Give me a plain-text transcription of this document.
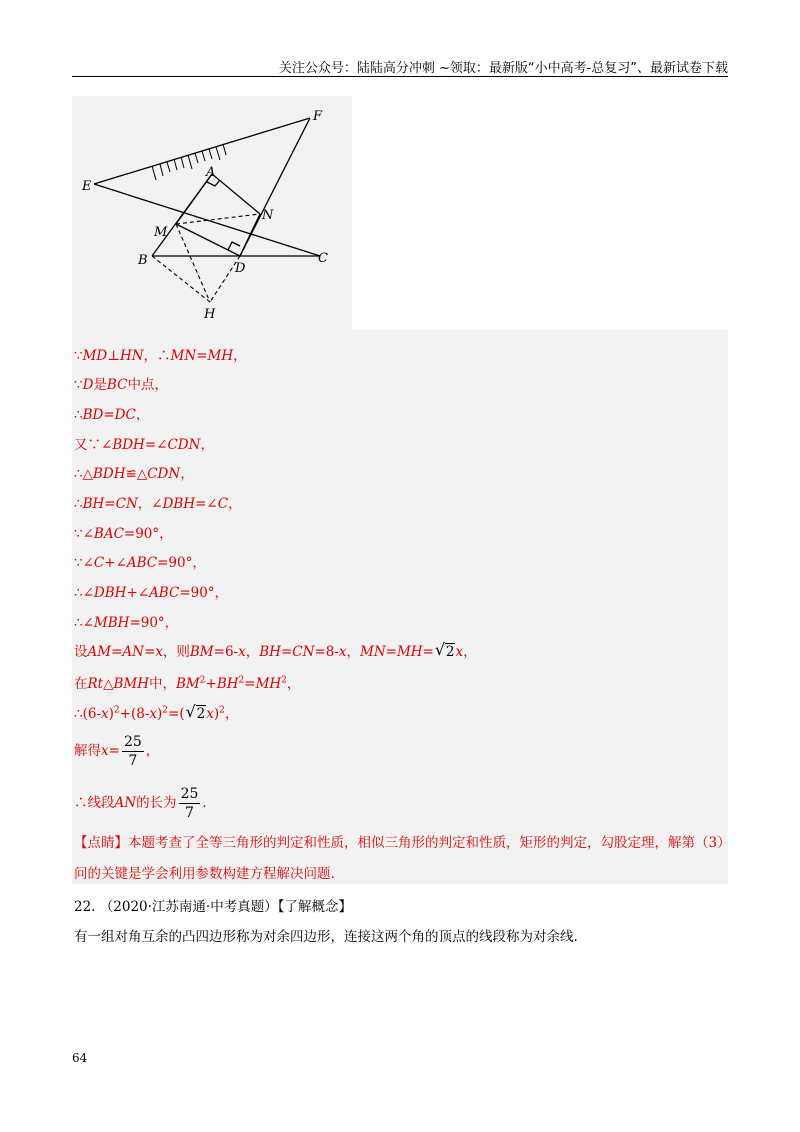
关注公众号：陆陆高分冲刺 ~领取：最新版“小中高考-总复习”、最新试卷下载
E
F
A
N
M
B
D
C
H
∵MD⊥HN，∴MN=MH，
∵D是BC中点，
∴BD=DC，
又∵∠BDH=∠CDN，
∴△BDH≌△CDN，
∴BH=CN，∠DBH=∠C，
∵∠BAC=90°，
∵∠C+∠ABC=90°，
∴∠DBH+∠ABC=90°，
∴∠MBH=90°，
设AM=AN=x，则BM=6-x，BH=CN=8-x，MN=MH= √ 2x，
在Rt△BMH中，$BM^2+BH^2=MH^2$，
$\therefore(6-x)^2+(8-x)^2=$( √ 2x)$^2$，
解得$x= \frac{25}{7}$ ，
∴线段AN的长为 $\frac{25}{7}$ .
【点睛】本题考查了全等三角形的判定和性质，相似三角形的判定和性质，矩形的判定，勾股定理，解第（3）问的关键是学会利用参数构建方程解决问题.
22. （2020·江苏南通·中考真题）【了解概念】
有一组对角互余的凸四边形称为对余四边形，连接这两个角的顶点的线段称为对余线.
64
